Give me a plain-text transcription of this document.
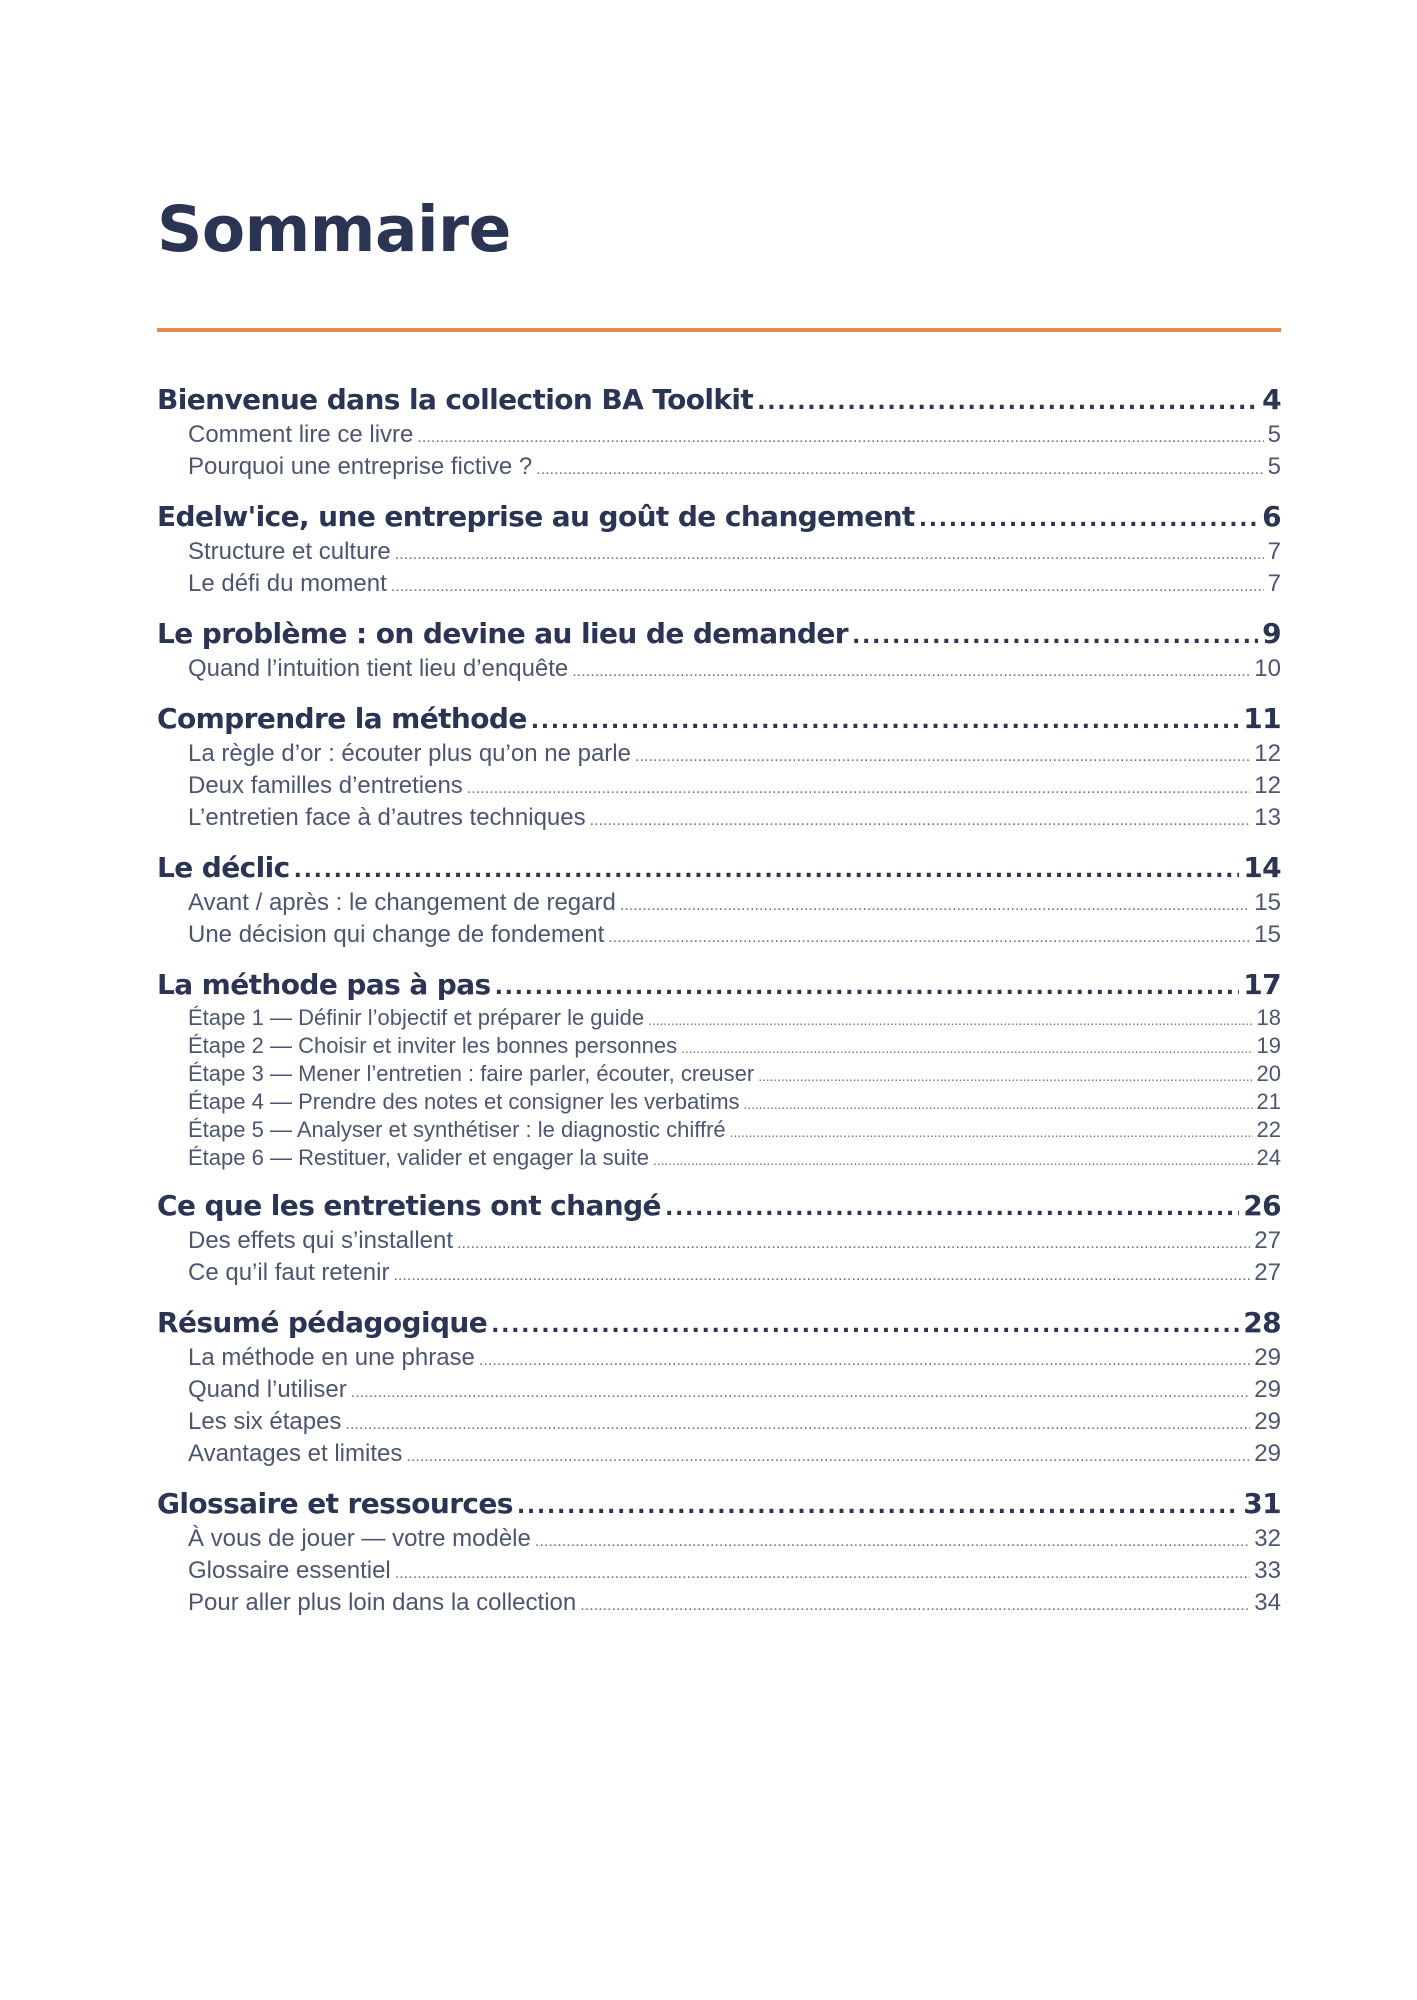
Sommaire
Bienvenue dans la collection BA Toolkit . . .	4
Comment lire ce livre . . .	5
Pourquoi une entreprise fictive ? . . .	5
Edelw'ice, une entreprise au goût de changement . . .	6
Structure et culture . . .	7
Le défi du moment . . .	7
Le problème : on devine au lieu de demander . . .	9
Quand l’intuition tient lieu d’enquête . . .	10
Comprendre la méthode . . .	11
La règle d’or : écouter plus qu’on ne parle . . .	12
Deux familles d’entretiens . . .	12
L’entretien face à d’autres techniques . . .	13
Le déclic . . .	14
Avant / après : le changement de regard . . .	15
Une décision qui change de fondement . . .	15
La méthode pas à pas . . .	17
Étape 1 — Définir l’objectif et préparer le guide . . .	18
Étape 2 — Choisir et inviter les bonnes personnes . . .	19
Étape 3 — Mener l’entretien : faire parler, écouter, creuser . . .	20
Étape 4 — Prendre des notes et consigner les verbatims . . .	21
Étape 5 — Analyser et synthétiser : le diagnostic chiffré . . .	22
Étape 6 — Restituer, valider et engager la suite . . .	24
Ce que les entretiens ont changé . . .	26
Des effets qui s’installent . . .	27
Ce qu’il faut retenir . . .	27
Résumé pédagogique . . .	28
La méthode en une phrase . . .	29
Quand l’utiliser . . .	29
Les six étapes . . .	29
Avantages et limites . . .	29
Glossaire et ressources . . .	31
À vous de jouer — votre modèle . . .	32
Glossaire essentiel . . .	33
Pour aller plus loin dans la collection . . .	34
